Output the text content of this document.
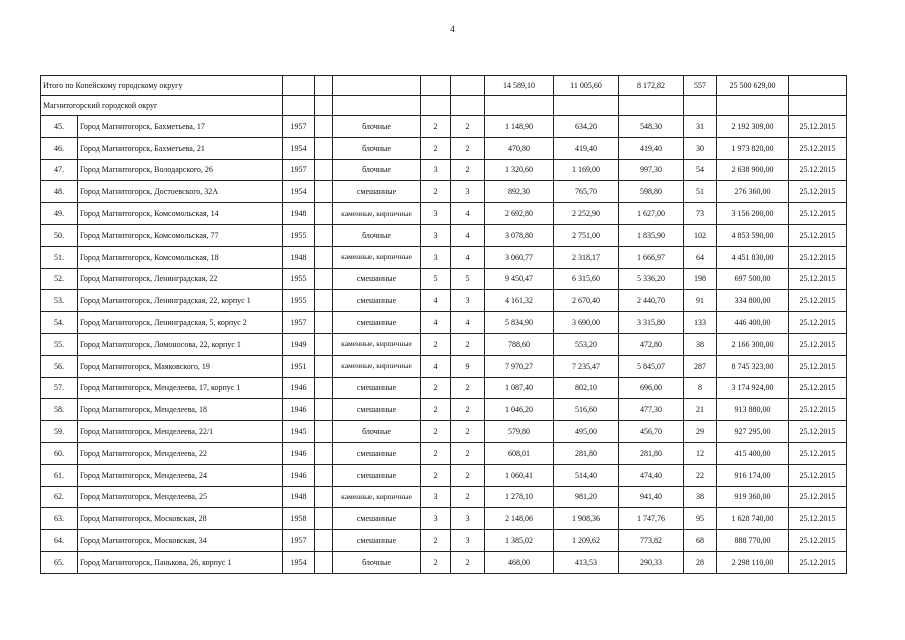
4
Итого по Копейскому городскому округу							14 589,10	11 005,60	8 172,82	557	25 500 629,00	
Магнитогорский городской округ												
45.	Город Магнитогорск, Бахметьева, 17	1957		блочные	2	2	1 148,90	634,20	548,30	31	2 192 309,00	25.12.2015
46.	Город Магнитогорск, Бахметьева, 21	1954		блочные	2	2	470,80	419,40	419,40	30	1 973 820,00	25.12.2015
47.	Город Магнитогорск, Володарского, 26	1957		блочные	3	2	1 320,60	1 169,00	997,30	54	2 638 900,00	25.12.2015
48.	Город Магнитогорск, Достоевского, 32А	1954		смешанные	2	3	892,30	765,70	598,80	51	276 360,00	25.12.2015
49.	Город Магнитогорск, Комсомольская, 14	1948		каменные, кирпичные	3	4	2 692,80	2 252,90	1 627,00	73	3 156 200,00	25.12.2015
50.	Город Магнитогорск, Комсомольская, 77	1955		блочные	3	4	3 078,80	2 751,00	1 835,90	102	4 853 590,00	25.12.2015
51.	Город Магнитогорск, Комсомольская, 18	1948		каменные, кирпичные	3	4	3 060,77	2 318,17	1 666,97	64	4 451 830,00	25.12.2015
52.	Город Магнитогорск, Ленинградская, 22	1955		смешанные	5	5	9 450,47	6 315,60	5 336,20	198	697 500,00	25.12.2015
53.	Город Магнитогорск, Ленинградская, 22, корпус 1	1955		смешанные	4	3	4 161,32	2 670,40	2 440,70	91	334 800,00	25.12.2015
54.	Город Магнитогорск, Ленинградская, 5, корпус 2	1957		смешанные	4	4	5 834,90	3 690,00	3 315,80	133	446 400,00	25.12.2015
55.	Город Магнитогорск, Ломоносова, 22, корпус 1	1949		каменные, кирпичные	2	2	788,60	553,20	472,80	38	2 166 300,00	25.12.2015
56.	Город Магнитогорск, Маяковского, 19	1951		каменные, кирпичные	4	9	7 970,27	7 235,47	5 845,07	287	8 745 323,00	25.12.2015
57.	Город Магнитогорск, Менделеева, 17, корпус 1	1946		смешанные	2	2	1 087,40	802,10	696,00	8	3 174 924,00	25.12.2015
58.	Город Магнитогорск, Менделеева, 18	1946		смешанные	2	2	1 046,20	516,60	477,30	21	913 880,00	25.12.2015
59.	Город Магнитогорск, Менделеева, 22/1	1945		блочные	2	2	579,80	495,00	456,70	29	927 295,00	25.12.2015
60.	Город Магнитогорск, Менделеева, 22	1946		смешанные	2	2	608,01	281,80	281,80	12	415 400,00	25.12.2015
61.	Город Магнитогорск, Менделеева, 24	1946		смешанные	2	2	1 060,41	514,40	474,40	22	916 174,00	25.12.2015
62.	Город Магнитогорск, Менделеева, 25	1948		каменные, кирпичные	3	2	1 278,10	981,20	941,40	38	919 360,00	25.12.2015
63.	Город Магнитогорск, Московская, 28	1958		смешанные	3	3	2 148,06	1 908,36	1 747,76	95	1 628 740,00	25.12.2015
64.	Город Магнитогорск, Московская, 34	1957		смешанные	2	3	1 385,02	1 209,62	773,82	68	888 770,00	25.12.2015
65.	Город Магнитогорск, Панькова, 26, корпус 1	1954		блочные	2	2	468,00	413,53	290,33	28	2 298 110,00	25.12.2015
